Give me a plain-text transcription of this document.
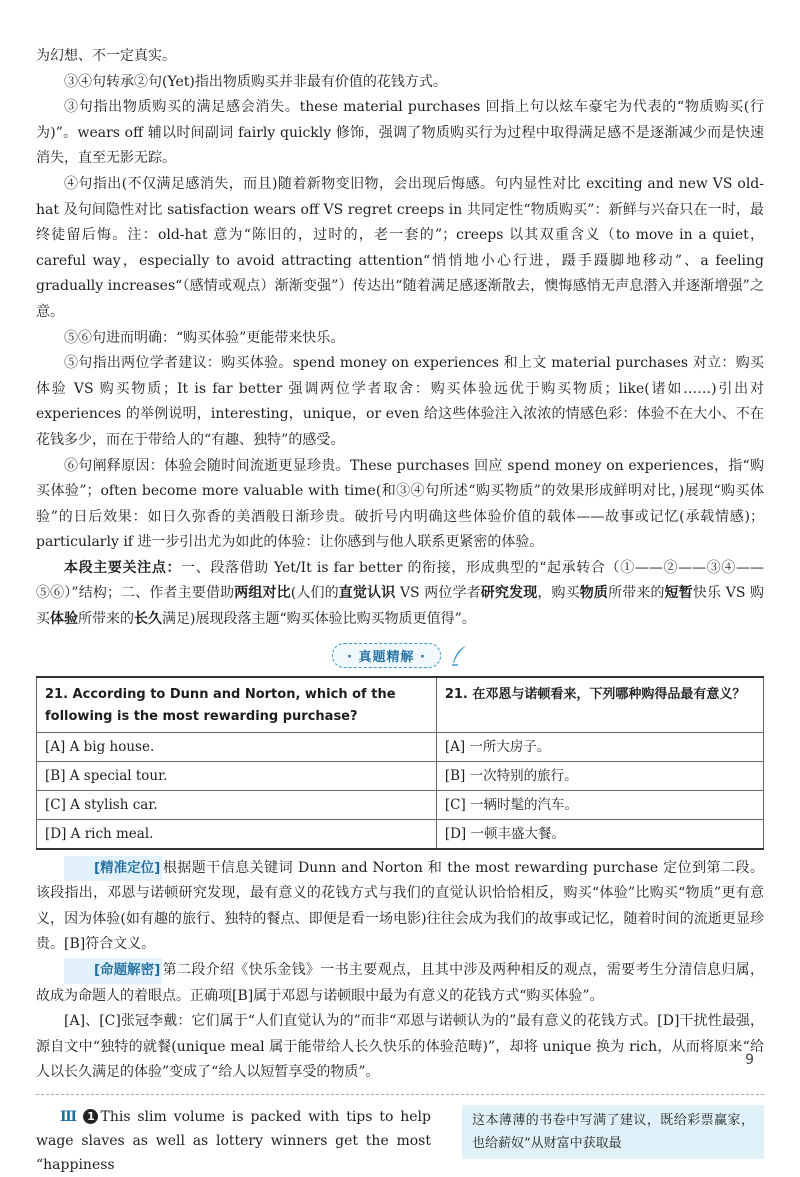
为幻想、不一定真实。

③④句转承②句(Yet)指出物质购买并非最有价值的花钱方式。

③句指出物质购买的满足感会消失。these material purchases 回指上句以炫车豪宅为代表的“物质购买(行为)”。wears off 辅以时间副词 fairly quickly 修饰，强调了物质购买行为过程中取得满足感不是逐渐减少而是快速消失，直至无影无踪。

④句指出(不仅满足感消失，而且)随着新物变旧物，会出现后悔感。句内显性对比 exciting and new VS old-hat 及句间隐性对比 satisfaction wears off VS regret creeps in 共同定性“物质购买”：新鲜与兴奋只在一时，最终徒留后悔。注：old-hat 意为“陈旧的，过时的，老一套的”；creeps 以其双重含义（to move in a quiet，careful way，especially to avoid attracting attention“悄悄地小心行进，蹑手蹑脚地移动”、a feeling gradually increases“（感情或观点）渐渐变强”）传达出“随着满足感逐渐散去，懊悔感悄无声息潜入并逐渐增强”之意。

⑤⑥句进而明确：“购买体验”更能带来快乐。

⑤句指出两位学者建议：购买体验。spend money on experiences 和上文 material purchases 对立：购买体验 VS 购买物质；It is far better 强调两位学者取舍：购买体验远优于购买物质；like(诸如……)引出对 experiences 的举例说明，interesting，unique，or even 给这些体验注入浓浓的情感色彩：体验不在大小、不在花钱多少，而在于带给人的“有趣、独特”的感受。

⑥句阐释原因：体验会随时间流逝更显珍贵。These purchases 回应 spend money on experiences，指“购买体验”；often become more valuable with time(和③④句所述“购买物质”的效果形成鲜明对比，)展现“购买体验”的日后效果：如日久弥香的美酒般日渐珍贵。破折号内明确这些体验价值的载体——故事或记忆(承载情感)；particularly if 进一步引出尤为如此的体验：让你感到与他人联系更紧密的体验。

本段主要关注点：一、段落借助 Yet/It is far better 的衔接，形成典型的“起承转合（①——②——③④——⑤⑥）”结构；二、作者主要借助两组对比(人们的直觉认识 VS 两位学者研究发现，购买物质所带来的短暂快乐 VS 购买体验所带来的长久满足)展现段落主题“购买体验比购买物质更值得”。

· 真题精解 ·
21. According to Dunn and Norton, which of the following is the most rewarding purchase?	21. 在邓恩与诺顿看来，下列哪种购得品最有意义？
[A] A big house.	[A] 一所大房子。
[B] A special tour.	[B] 一次特别的旅行。
[C] A stylish car.	[C] 一辆时髦的汽车。
[D] A rich meal.	[D] 一顿丰盛大餐。

[精准定位] 根据题干信息关键词 Dunn and Norton 和 the most rewarding purchase 定位到第二段。该段指出，邓恩与诺顿研究发现，最有意义的花钱方式与我们的直觉认识恰恰相反，购买“体验”比购买“物质”更有意义，因为体验(如有趣的旅行、独特的餐点、即便是看一场电影)往往会成为我们的故事或记忆，随着时间的流逝更显珍贵。[B]符合文义。

[命题解密] 第二段介绍《快乐金钱》一书主要观点，且其中涉及两种相反的观点，需要考生分清信息归属，故成为命题人的着眼点。正确项[B]属于邓恩与诺顿眼中最为有意义的花钱方式“购买体验”。

[A]、[C]张冠李戴：它们属于“人们直觉认为的”而非“邓恩与诺顿认为的”最有意义的花钱方式。[D]干扰性最强，源自文中“独特的就餐(unique meal 属于能带给人长久快乐的体验范畴)”，却将 unique 换为 rich，从而将原来“给人以长久满足的体验”变成了“给人以短暂享受的物质”。

Ⅲ 1 This slim volume is packed with tips to help wage slaves as well as lottery winners get the most “happiness
这本薄薄的书卷中写满了建议，既给彩票赢家，也给薪奴“从财富中获取最
9
